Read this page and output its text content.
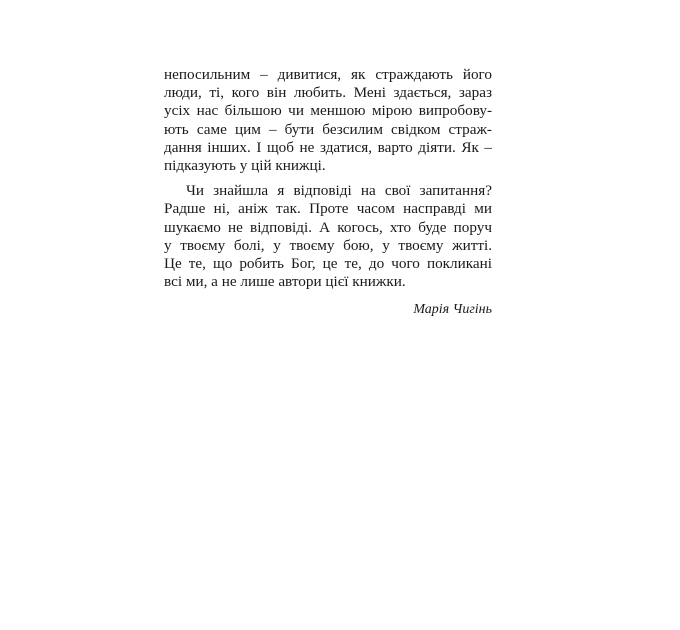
непосильним – дивитися, як страждають його
люди, ті, кого він любить. Мені здається, зараз
усіх нас більшою чи меншою мірою випробову-
ють саме цим – бути безсилим свідком страж-
дання інших. І щоб не здатися, варто діяти. Як –
підказують у цій книжці.
Чи знайшла я відповіді на свої запитання?
Радше ні, аніж так. Проте часом насправді ми
шукаємо не відповіді. А когось, хто буде поруч
у твоєму болі, у твоєму бою, у твоєму житті.
Це те, що робить Бог, це те, до чого покликані
всі ми, а не лише автори цієї книжки.
Марія Чигінь
